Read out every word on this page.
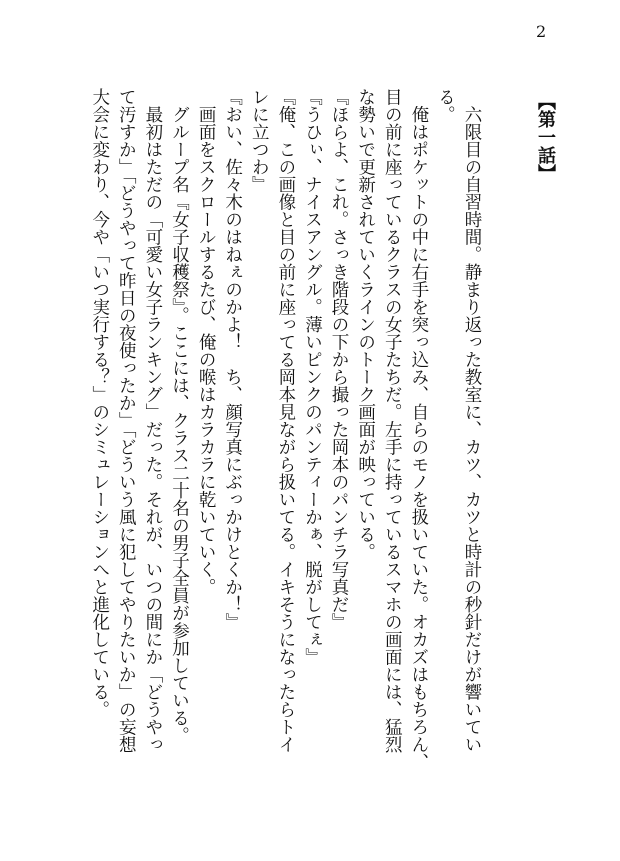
2
【第一話】
　六限目の自習時間。静まり返った教室に、カツ、カツと時計の秒針だけが響いてい
る。
　俺はポケットの中に右手を突っ込み、自らのモノを扱いていた。オカズはもちろん、
目の前に座っているクラスの女子たちだ。左手に持っているスマホの画面には、猛烈
な勢いで更新されていくラインのトーク画面が映っている。
『ほらよ、これ。さっき階段の下から撮った岡本のパンチラ写真だ』
『うひぃ、ナイスアングル。薄いピンクのパンティーかぁ、脱がしてぇ』
『俺、この画像と目の前に座ってる岡本見ながら扱いてる。イキそうになったらトイ
レに立つわ』
『おい、佐々木のはねぇのかよ！　ち、顔写真にぶっかけとくか！』
　画面をスクロールするたび、俺の喉はカラカラに乾いていく。
　グループ名『女子収穫祭』。ここには、クラス二十名の男子全員が参加している。
　最初はただの「可愛い女子ランキング」だった。それが、いつの間にか「どうやっ
て汚すか」「どうやって昨日の夜使ったか」「どういう風に犯してやりたいか」の妄想
大会に変わり、今や「いつ実行する？」のシミュレーションへと進化している。
